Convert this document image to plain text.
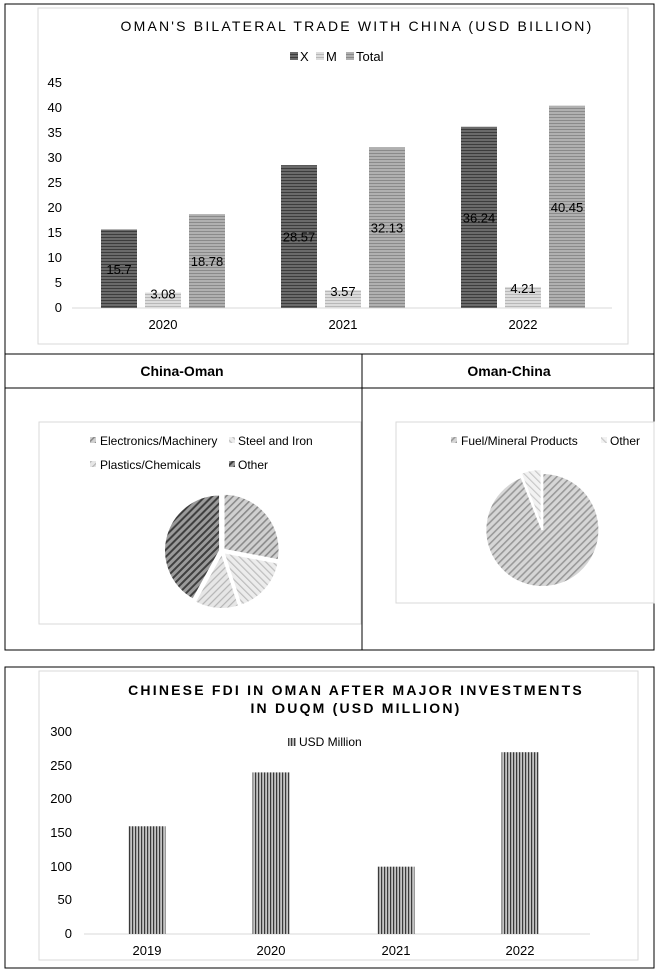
OMAN'S BILATERAL TRADE WITH CHINA (USD BILLION)
X M Total
0
5
10
15
20
25
30
35
40
45
15.7
3.08
18.78
28.57
3.57
32.13
36.24
4.21
40.45
2020	2021	2022
China-Oman	Oman-China
Electronics/Machinery Steel and Iron
Plastics/Chemicals	Other
Fuel/Mineral Products	Other
CHINESE FDI IN OMAN AFTER MAJOR INVESTMENTS
IN DUQM (USD MILLION)
USD Million
0
50
100
150
200
250
300
2019	2020	2021	2022
